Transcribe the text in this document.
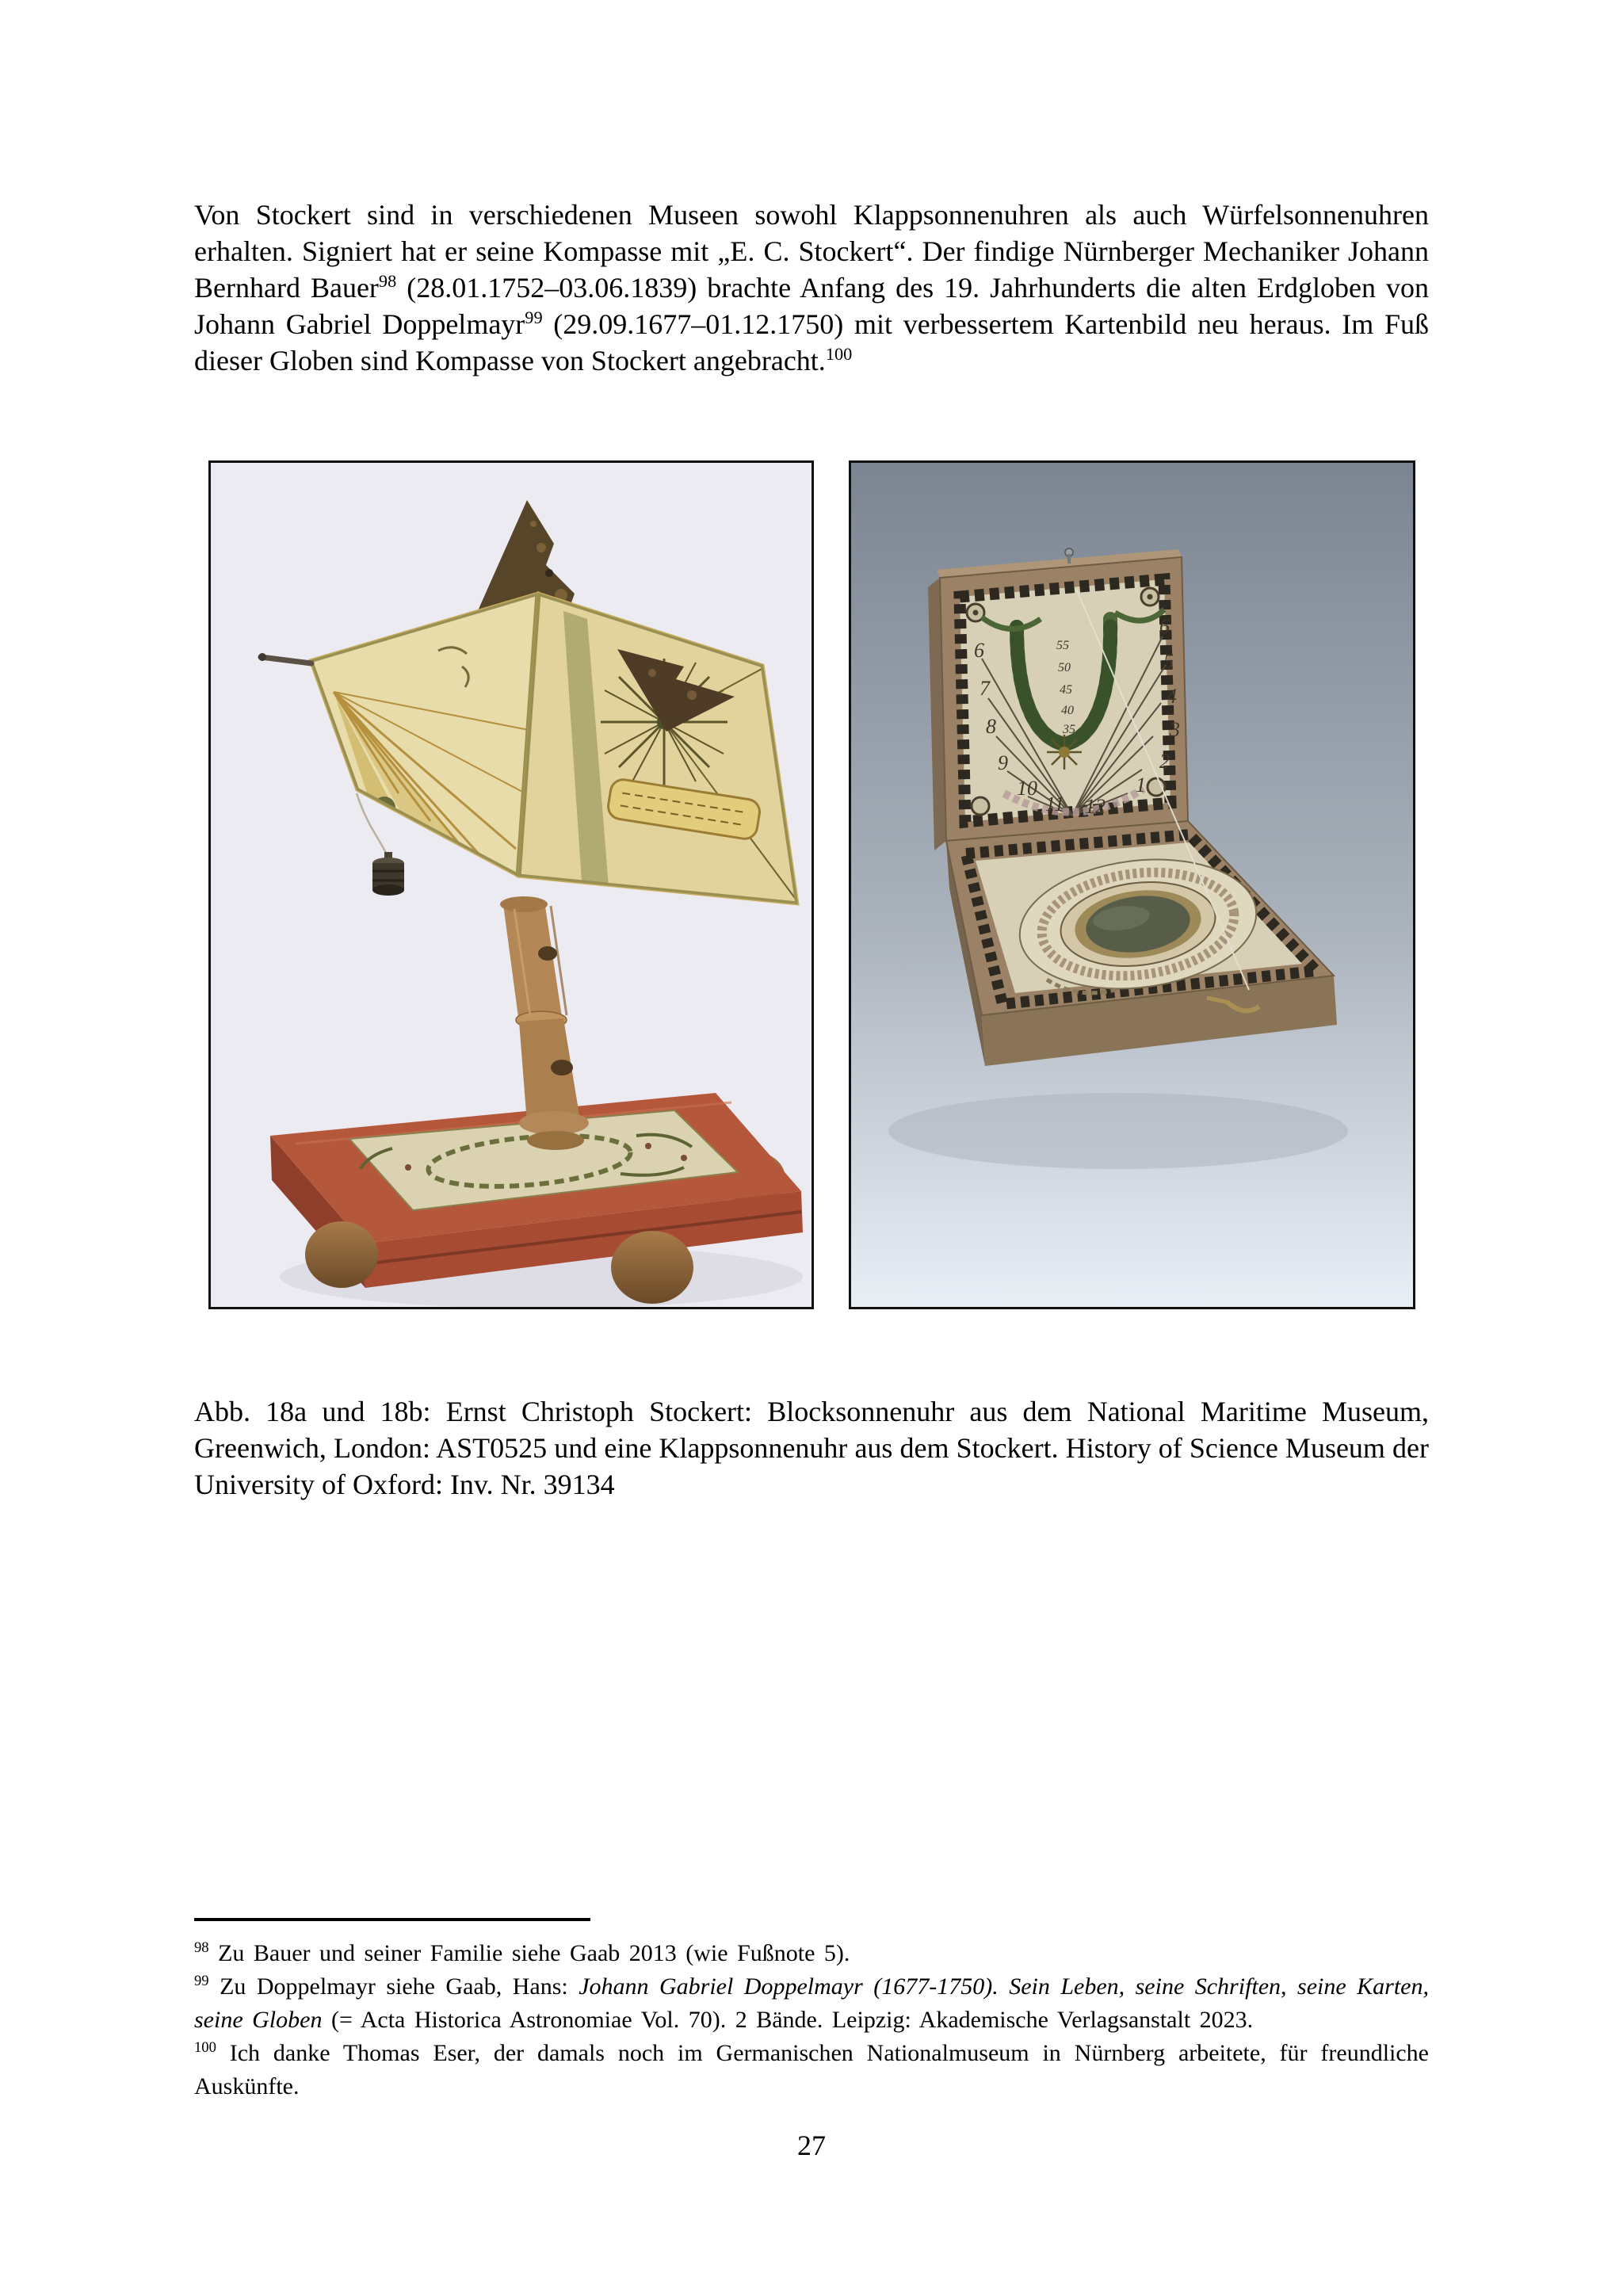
Von Stockert sind in verschiedenen Museen sowohl Klappsonnenuhren als auch Würfelsonnenuhren erhalten. Signiert hat er seine Kompasse mit „E. C. Stockert“. Der findige Nürnberger Mechaniker Johann Bernhard Bauer$^{98}$ (28.01.1752–03.06.1839) brachte Anfang des 19. Jahrhunderts die alten Erdgloben von Johann Gabriel Doppelmayr$^{99}$ (29.09.1677–01.12.1750) mit verbessertem Kartenbild neu heraus. Im Fuß dieser Globen sind Kompasse von Stockert angebracht.$^{100}$
6
7
8
9
10
11 12
6
5
4
3
2
1
55
50
45
40
35
Abb. 18a und 18b: Ernst Christoph Stockert: Blocksonnenuhr aus dem National Maritime Museum, Greenwich, London: AST0525 und eine Klappsonnenuhr aus dem Stockert. History of Science Museum der University of Oxford: Inv. Nr. 39134

$^{98}$ Zu Bauer und seiner Familie siehe Gaab 2013 (wie Fußnote 5).

$^{99}$ Zu Doppelmayr siehe Gaab, Hans: Johann Gabriel Doppelmayr (1677-1750). Sein Leben, seine Schriften, seine Karten, seine Globen (= Acta Historica Astronomiae Vol. 70). 2 Bände. Leipzig: Akademische Verlagsanstalt 2023.

$^{100}$ Ich danke Thomas Eser, der damals noch im Germanischen Nationalmuseum in Nürnberg arbeitete, für freundliche Auskünfte.

27
